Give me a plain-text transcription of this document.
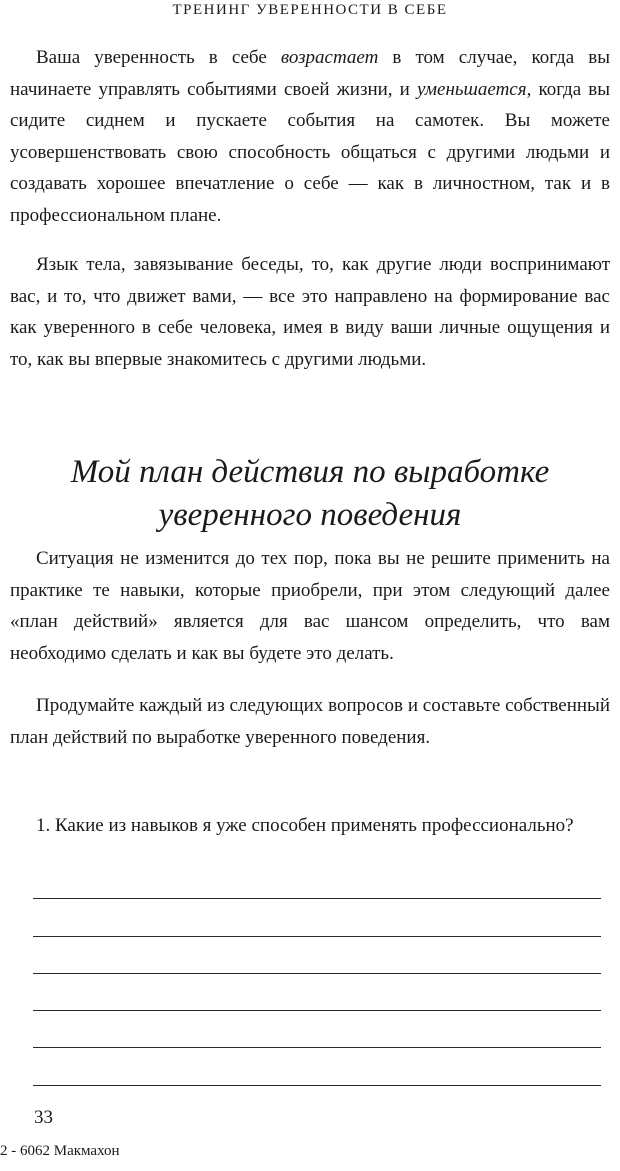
ТРЕНИНГ УВЕРЕННОСТИ В СЕБЕ

Ваша уверенность в себе возрастает в том случае, когда вы начинаете управлять событиями своей жизни, и уменьшается, когда вы сидите сиднем и пускаете события на самотек. Вы можете усовершенствовать свою способность общаться с другими людьми и создавать хорошее впечатление о себе — как в личностном, так и в профессиональном плане.

Язык тела, завязывание беседы, то, как другие люди воспринимают вас, и то, что движет вами, — все это направлено на формирование вас как уверенного в себе человека, имея в виду ваши личные ощущения и то, как вы впервые знакомитесь с другими людьми.

Мой план действия по выработке
уверенного поведения

Ситуация не изменится до тех пор, пока вы не решите применить на практике те навыки, которые приобрели, при этом следующий далее «план действий» является для вас шансом определить, что вам необходимо сделать и как вы будете это делать.

Продумайте каждый из следующих вопросов и составьте собственный план действий по выработке уверенного поведения.

1. Какие из навыков я уже способен применять профессионально?

33
2 - 6062 Макмахон
